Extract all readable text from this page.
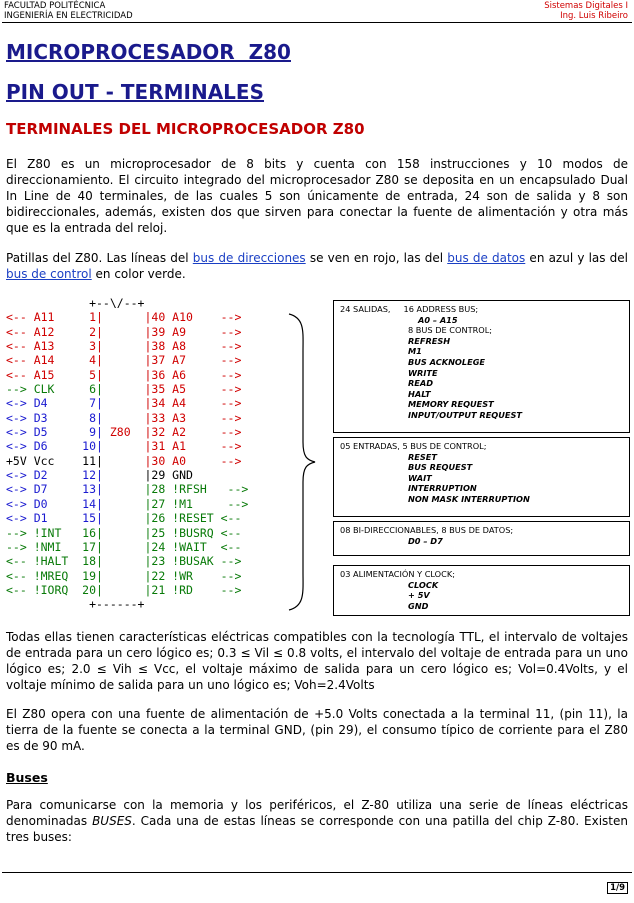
FACULTAD POLITÉCNICA
INGENIERÍA EN ELECTRICIDAD
Sistemas Digitales I
Ing. Luis Ribeiro
MICROPROCESADOR  Z80
PIN OUT - TERMINALES
TERMINALES DEL MICROPROCESADOR Z80

El Z80 es un microprocesador de 8 bits y cuenta con 158 instrucciones y 10 modos de direccionamiento. El circuito integrado del microprocesador Z80 se deposita en un encapsulado Dual In Line de 40 terminales, de las cuales 5 son únicamente de entrada, 24 son de salida y 8 son bidireccionales, además, existen dos que sirven para conectar la fuente de alimentación y otra más que es la entrada del reloj.

Patillas del Z80. Las líneas del bus de direcciones se ven en rojo, las del bus de datos en azul y las del bus de control en color verde.

+--\/--+
<-- A11     1|      |40 A10    -->
<-- A12     2|      |39 A9     -->
<-- A13     3|      |38 A8     -->
<-- A14     4|      |37 A7     -->
<-- A15     5|      |36 A6     -->
--> CLK     6|      |35 A5     -->
<-> D4      7|      |34 A4     -->
<-> D3      8|      |33 A3     -->
<-> D5      9| Z80  |32 A2     -->
<-> D6     10|      |31 A1     -->
+5V Vcc    11|      |30 A0     -->
<-> D2     12|      |29 GND
<-> D7     13|      |28 !RFSH   -->
<-> D0     14|      |27 !M1     -->
<-> D1     15|      |26 !RESET <--
--> !INT   16|      |25 !BUSRQ <--
--> !NMI   17|      |24 !WAIT  <--
<-- !HALT  18|      |23 !BUSAK -->
<-- !MREQ  19|      |22 !WR    -->
<-- !IORQ  20|      |21 !RD    -->
+------+
24 SALIDAS, 16 ADDRESS BUS;
A0 – A15
8 BUS DE CONTROL;
REFRESH
M1
BUS ACKNOLEGE
WRITE
READ
HALT
MEMORY REQUEST
INPUT/OUTPUT REQUEST
05 ENTRADAS, 5 BUS DE CONTROL;
RESET
BUS REQUEST
WAIT
INTERRUPTION
NON MASK INTERRUPTION
08 BI-DIRECCIONABLES, 8 BUS DE DATOS;
D0 – D7
03 ALIMENTACIÓN Y CLOCK;
CLOCK
+ 5V
GND

Todas ellas tienen características eléctricas compatibles con la tecnología TTL, el intervalo de voltajes de entrada para un cero lógico es; 0.3 ≤ Vil ≤ 0.8 volts, el intervalo del voltaje de entrada para un uno lógico es; 2.0 ≤ Vih ≤ Vcc, el voltaje máximo de salida para un cero lógico es; Vol=0.4Volts, y el voltaje mínimo de salida para un uno lógico es; Voh=2.4Volts

El Z80 opera con una fuente de alimentación de +5.0 Volts conectada a la terminal 11, (pin 11), la tierra de la fuente se conecta a la terminal GND, (pin 29), el consumo típico de corriente para el Z80 es de 90 mA.

Buses

Para comunicarse con la memoria y los periféricos, el Z-80 utiliza una serie de líneas eléctricas denominadas BUSES. Cada una de estas líneas se corresponde con una patilla del chip Z-80. Existen tres buses:

1/9
